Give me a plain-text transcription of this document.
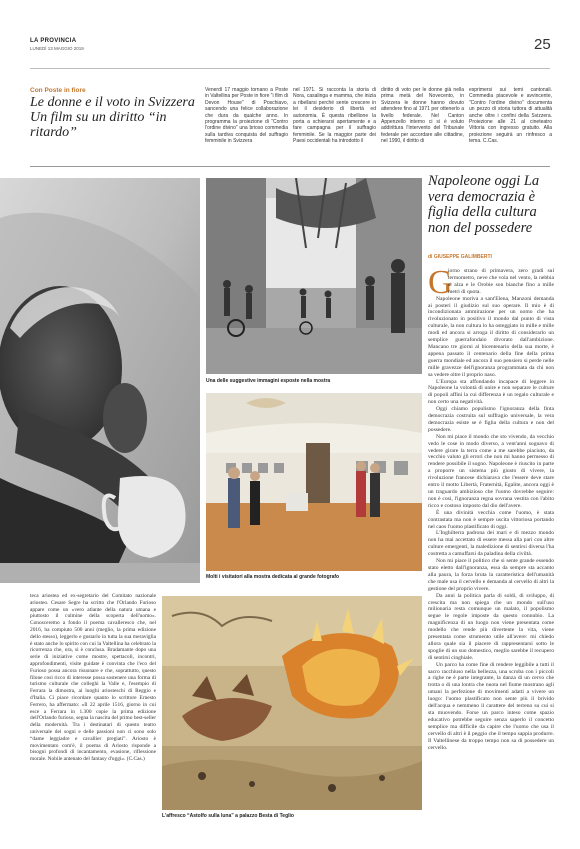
LA PROVINCIA
LUNEDÌ 13 MAGGIO 2019	25
Con Poste in fiore
Le donne e il voto in Svizzera Un film su un diritto “in ritardo”
Venerdì 17 maggio tornano a Poste in Valtellina per Poste in fiore “i film di Devon House” di Poschiavo, sancendo una felice collaborazione che dura da qualche anno. In programma la proiezione di “Contro l'ordine divino” una brioso commedia sulla tardiva conquista del suffragio femminile in Svizzera
nel 1971. Si racconta la storia di Nora, casalinga e mamma, che inizia a ribellarsi perché sente crescere in lei il desiderio di libertà ed autonomia. È questa ribellione la porta a schierarsi apertamente e a fare campagna per il suffragio femminile. Se la maggior parte dei Paesi occidentali ha introdotto il
diritto di voto per le donne già nella prima metà del Novecento, in Svizzera le donne hanno dovuto attendere fino al 1971 per ottenerlo a livello federale. Nel Canton Appenzello interno ci si è voluto addirittura l'intervento del Tribunale federale per accordare alle cittadine, nel 1990, il diritto di
esprimersi sui temi cantonali. Commedia piacevole e avvincente, “Contro l'ordine divino” documenta un pezzo di storia tuttora di attualità anche oltre i confini della Svizzera. Proiezione alle 21 al cineteatro Vittoria con ingresso gratuito. Alla proiezione seguirà un rinfresco a tema. C.Cas.
Una delle suggestive immagini esposte nella mostra
Molti i visitatori alla mostra dedicata al grande fotografo
teca ariostea ed ex-segretario del Comitato nazionale ariosteo. Cesare Segre ha scritto che l'Orlando Furioso appare come un «vero atlante della natura umana e piuttosto il culmine della scoperta dell'uomo». Conosceremo a fondo il poema cavalleresco che, nel 2016, ha compiuto 500 anni (meglio, la prima edizione dello stesso), leggerlo e gustarlo in tutta la sua meraviglia è stato anche lo spirito con cui la Valtellina ha celebrato la ricorrenza che, ora, si è conclusa. Bradamante dopo una serie di iniziative come mostre, spettacoli, incontri, approfondimenti, visite guidate è convinta che l'eco del Furioso possa ancora risuonare e che, soprattutto, questo filone così ricco di interesse possa sostenere una forma di turismo culturale che colleghi la Valle e, l'esempio di Ferrara la dimostra, ai luoghi ariosteschi di Reggio e d'Italia. Ci piace ricordare quanto lo scrittore Ernesto Ferrero, ha affermato: «Il 22 aprile 1516, giorno in cui esce a Ferrara in 1.300 copie la prima edizione dell'Orlando furioso, segna la nascita del primo best-seller della modernità. Tra i destinatari di questo teatro universale dei sogni e delle passioni non ci sono solo “dame leggiadre e cavallier pregiati”. Ariosto è movimentato com'è, il poema di Ariosto risponde a bisogni profondi di incantamento, evasione, riflessione morale. Nobile antenato del fantasy d'oggi». (C.Cas.)
L'affresco “Astolfo sulla luna” a palazzo Besta di Teglio
Napoleone oggi La vera democrazia è figlia della cultura non del possedere
di GIUSEPPE GALIMBERTI
G

iorno strano di primavera, zero gradi sul termometro, neve che vola nel vento, la nebbia si alza e le Orobie son bianche fino a mille metri di quota.

Napoleone moriva a sant'Elena, Manzoni demanda ai posteri il giudizio sul suo operare. Il mio è di incondizionata ammirazione per un uomo che ha rivoluzionato in positivo il mondo dal punto di vista culturale, la non cultura lo ha osteggiato in mille e mille modi ed ancora si arroga il diritto di considerarlo un semplice guerrafondaio divorato dall'ambizione. Mancano tre giorni al bicentenario della sua morte, è appena passato il centenario della fine della prima guerra mondiale ed ancora il suo pensiero si perde nelle mille gravezze dell'ignoranza programmata da chi non sa vedere oltre il proprio naso.

L'Europa sta affondando incapace di leggere in Napoleone la volontà di unire e non separare le culture di popoli affini la cui differenza è un regalo culturale e non certo una negatività.

Oggi chiamo populismo l'ignoranza della finta democrazia costruita sul suffragio universale, la vera democrazia esiste se è figlia della cultura e non del possedere.

Non mi piace il mondo che sto vivendo, da vecchio vedo le cose in modo diverso, a vent'anni sognavo di vedere girare la terra come a me sarebbe piaciuto, da vecchio valuto gli errori che non mi hanno permesso di rendere possibile il sogno. Napoleone è riuscito in parte a proporre un sistema più giusto di vivere, la rivoluzione francese dichiarava che l'essere deve stare entro il motto Libertà, Fraternità, Egalite, ancora oggi è un traguardo ambizioso che l'uomo dovrebbe seguire: non è così, l'ignoranza regna sovrana vestita con l'abito ricco e costoso imposto dal dio dell'avere.

È una divinità vecchia come l'uomo, è stata contrastata ma non è sempre uscita vittoriosa portando nel caos l'uomo plastificato di oggi.

L'Inghilterra padrona dei mari e di mezzo mondo non ha mai accettato di essere messa alla pari con altre culture emergenti, la maledizione di sentirsi diversa l'ha costretta a camuffarsi da paladina della civiltà.

Non mi piace il politico che si sente grande essendo stato eletto dall'ignoranza, essa da sempre sta accanto alla paura, la forza bruta la caratteristica dell'umanità che male usa il cervello e demanda al cervello di altri la gestione del proprio vivere.

Da anni la politica parla di soldi, di sviluppo, di crescita ma non spiega che un mondo sull'uso milionaria resta comunque un malato, il popolismo segue le regole imposte da questo connubio. La magnificenza di un luogo non viene presentata come modello che rende più divertente la vita, viene presentata come strumento utile all'avere: mi chiedo allora quale sia il piacere di rappresentarsi sotto le spoglie di un suo domestico, meglio sarebbe il recupero di sentirsi cinghiale.

Un parco ha come fine di rendere leggibile a tutti il sacro racchiuso nella bellezza, una scroba con i piccoli a righe ne è parte integrante, la danza di un cervo che trotta o di una lontra che nuota nel fiume mostrano agli umani la perfezione di movimenti adatti a vivere un luogo: l'uomo plastificato non sente più il brivido dell'acqua e nemmeno il carattere del terreno su cui si sta muovendo. Forse un parco inteso come spazio educativo potrebbe seguire senza saperlo il concetto semplice ma difficile da capire che l'uomo che usa il cervello di altri è il peggio che il tempo sappia produrre. Il Valtellinese da troppo tempo non sa di possedere un cervello.
